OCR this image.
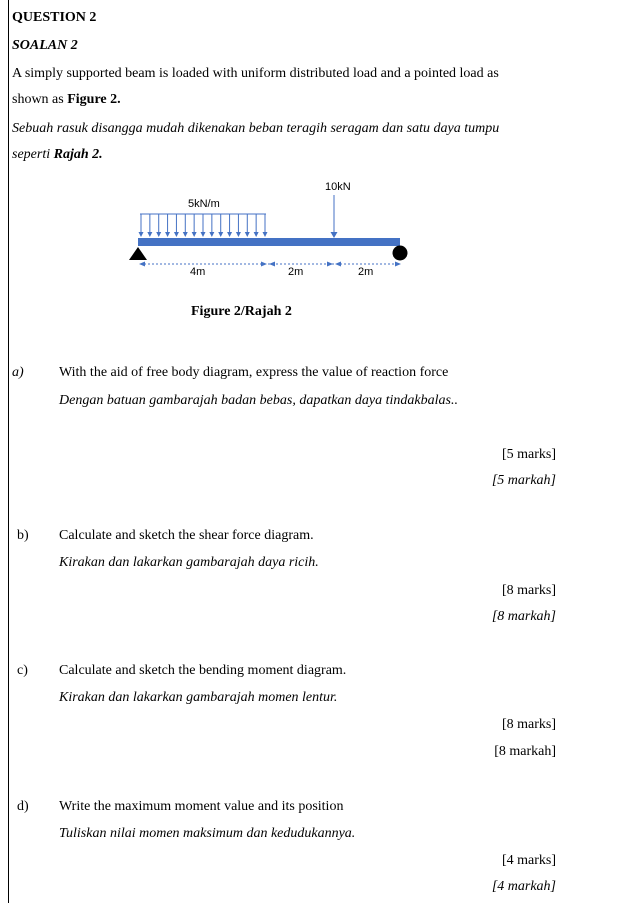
QUESTION 2
SOALAN 2
A simply supported beam is loaded with uniform distributed load and a pointed load as
shown as Figure 2.
Sebuah rasuk disangga mudah dikenakan beban teragih seragam dan satu daya tumpu
seperti Rajah 2.
5kN/m
10kN
4m	2m	2m
Figure 2/Rajah 2
a)	With the aid of free body diagram, express the value of reaction force
Dengan batuan gambarajah badan bebas, dapatkan daya tindakbalas..
[5 marks]
[5 markah]
b) Calculate and sketch the shear force diagram.
Kirakan dan lakarkan gambarajah daya ricih.
[8 marks]
[8 markah]
c) Calculate and sketch the bending moment diagram.
Kirakan dan lakarkan gambarajah momen lentur.
[8 marks]
[8 markah]
d) Write the maximum moment value and its position
Tuliskan nilai momen maksimum dan kedudukannya.
[4 marks]
[4 markah]
